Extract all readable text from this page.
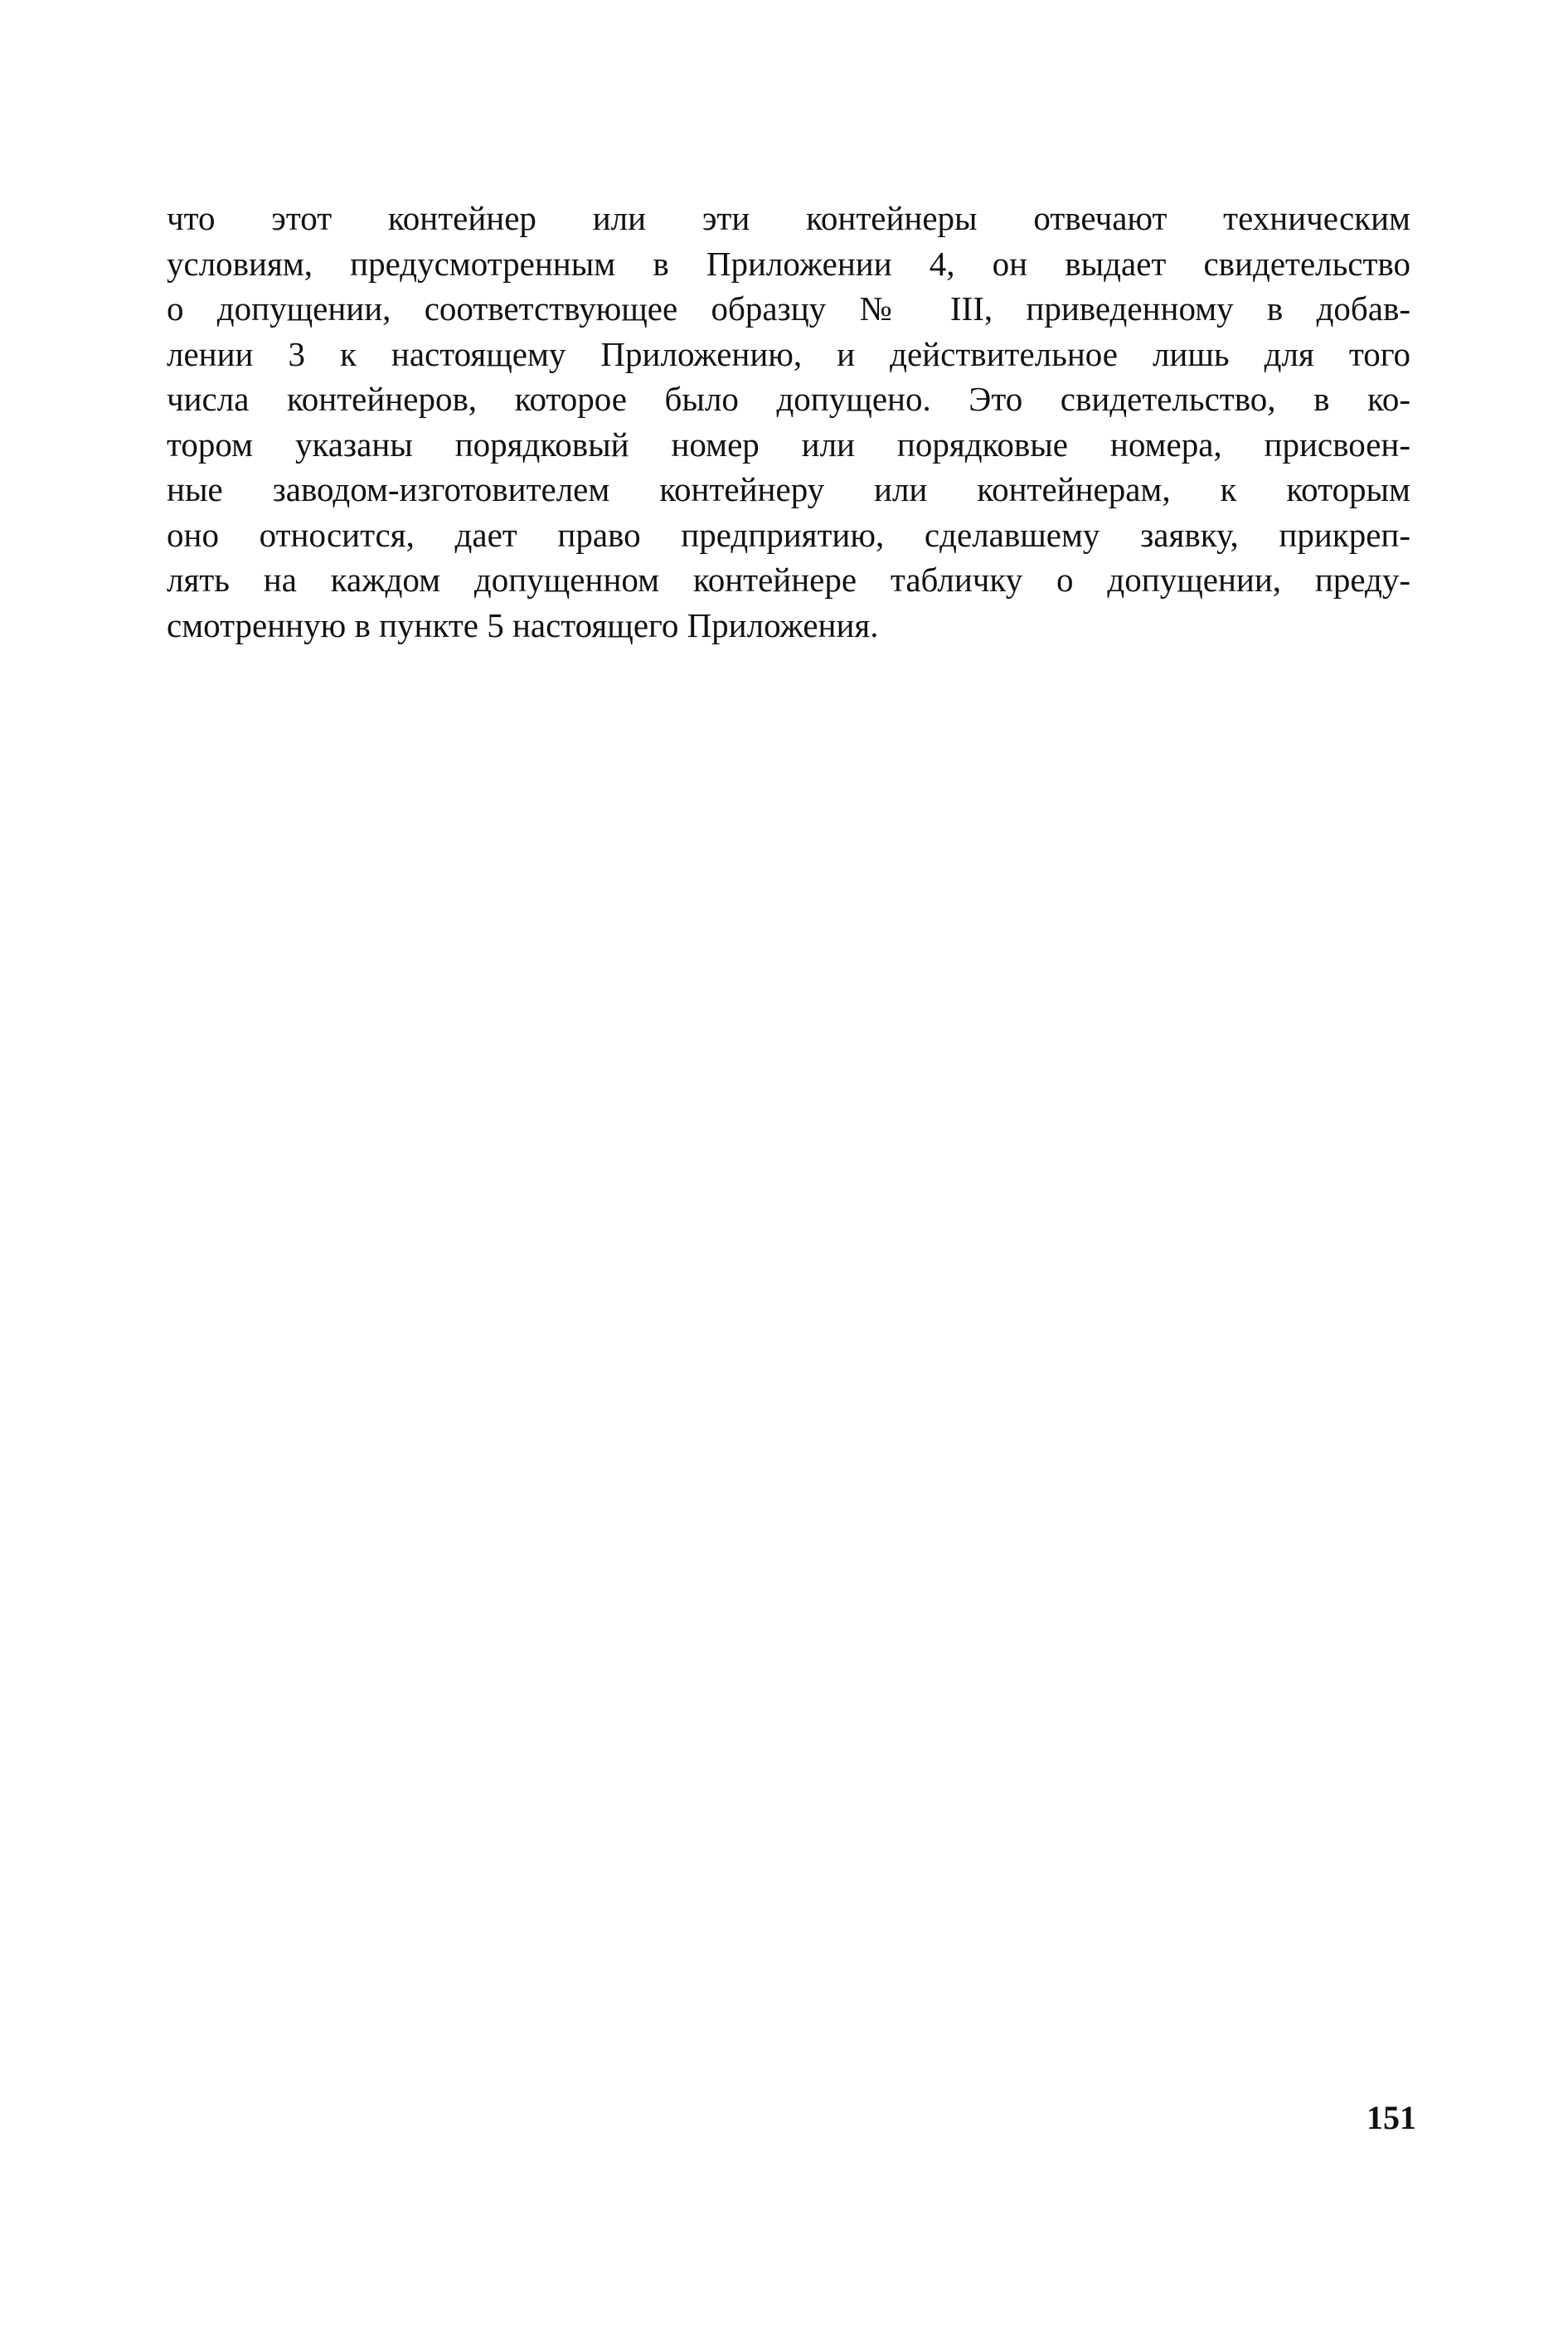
что этот контейнер или эти контейнеры отвечают техническим
условиям, предусмотренным в Приложении 4, он выдает свидетельство
о допущении, соответствующее образцу № III, приведенному в добав-
лении 3 к настоящему Приложению, и действительное лишь для того
числа контейнеров, которое было допущено. Это свидетельство, в ко-
тором указаны порядковый номер или порядковые номера, присвоен-
ные заводом-изготовителем контейнеру или контейнерам, к которым
оно относится, дает право предприятию, сделавшему заявку, прикреп-
лять на каждом допущенном контейнере табличку о допущении, преду-
смотренную в пункте 5 настоящего Приложения.
151
